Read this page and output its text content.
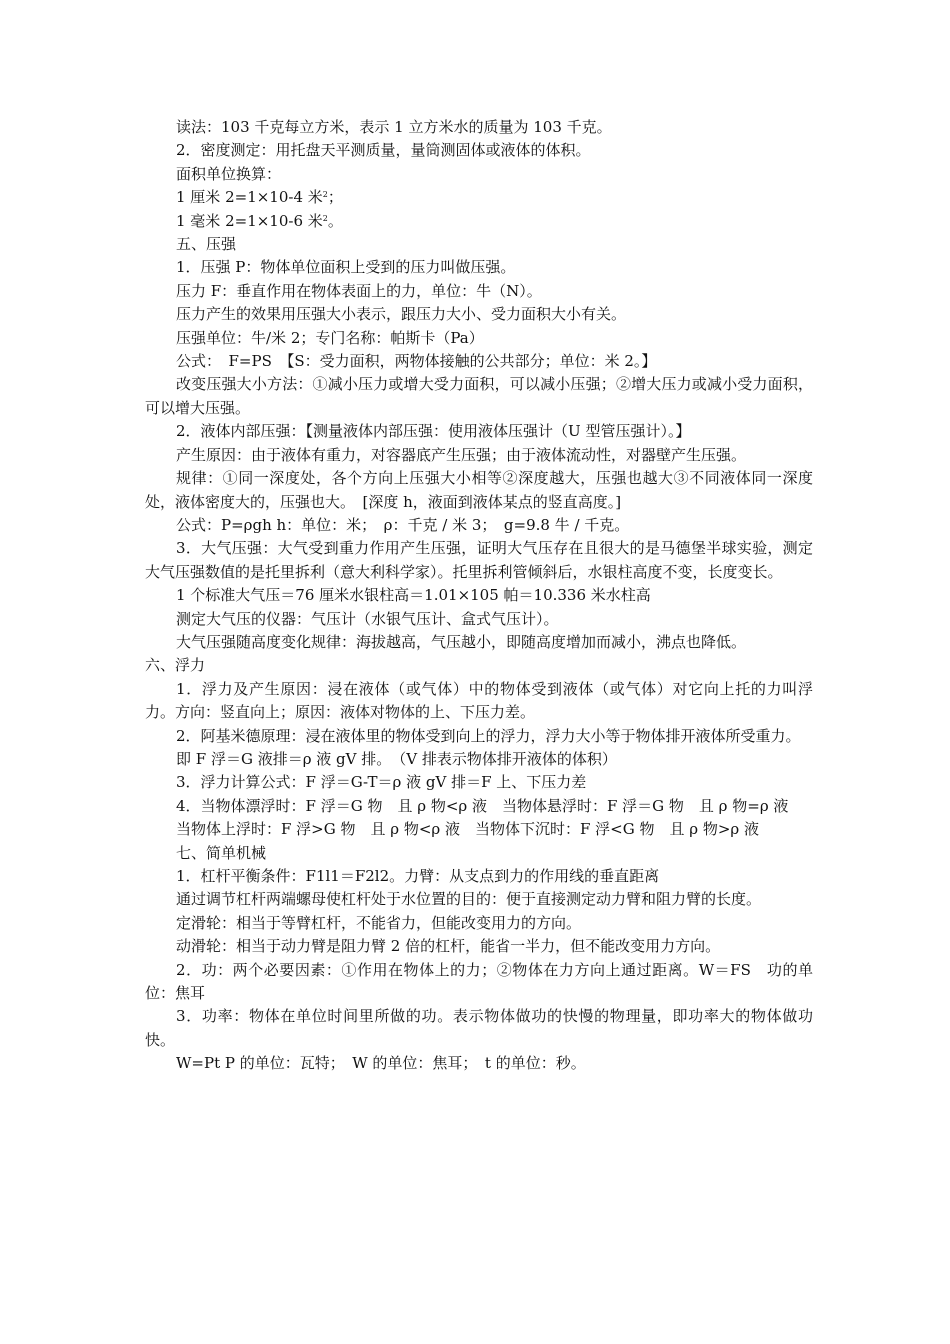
读法：103 千克每立方米，表示 1 立方米水的质量为 103 千克。

2．密度测定：用托盘天平测质量，量筒测固体或液体的体积。

面积单位换算：

1 厘米 2=1×10-4 米$^2$；

1 毫米 2=1×10-6 米$^2$。

五、压强

1．压强 P：物体单位面积上受到的压力叫做压强。

压力 F：垂直作用在物体表面上的力，单位：牛（N）。

压力产生的效果用压强大小表示，跟压力大小、受力面积大小有关。

压强单位：牛/米 2；专门名称：帕斯卡（Pa）

公式：　F=PS　【S：受力面积，两物体接触的公共部分；单位：米 2。】

改变压强大小方法：①减小压力或增大受力面积，可以减小压强；②增大压力或减小受力面积，可以增大压强。

2．液体内部压强：【测量液体内部压强：使用液体压强计（U 型管压强计）。】

产生原因：由于液体有重力，对容器底产生压强；由于液体流动性，对器壁产生压强。

规律：①同一深度处，各个方向上压强大小相等②深度越大，压强也越大③不同液体同一深度处，液体密度大的，压强也大。　[深度 h，液面到液体某点的竖直高度。]

公式：P=ρgh h：单位：米；　ρ：千克 / 米 3；　g=9.8 牛 / 千克。

3．大气压强：大气受到重力作用产生压强，证明大气压存在且很大的是马德堡半球实验，测定大气压强数值的是托里拆利（意大利科学家）。托里拆利管倾斜后，水银柱高度不变，长度变长。

1 个标准大气压＝76 厘米水银柱高＝1.01×105 帕＝10.336 米水柱高

测定大气压的仪器：气压计（水银气压计、盒式气压计）。

大气压强随高度变化规律：海拔越高，气压越小，即随高度增加而减小，沸点也降低。

六、浮力

1．浮力及产生原因：浸在液体（或气体）中的物体受到液体（或气体）对它向上托的力叫浮力。方向：竖直向上；原因：液体对物体的上、下压力差。

2．阿基米德原理：浸在液体里的物体受到向上的浮力，浮力大小等于物体排开液体所受重力。

即 F 浮＝G 液排＝ρ 液 gV 排。　（V 排表示物体排开液体的体积）

3．浮力计算公式：F 浮＝G-T＝ρ 液 gV 排＝F 上、下压力差

4．当物体漂浮时：F 浮＝G 物　且 ρ 物<ρ 液　当物体悬浮时：F 浮＝G 物　且 ρ 物=ρ 液

当物体上浮时：F 浮>G 物　且 ρ 物<ρ 液　当物体下沉时：F 浮<G 物　且 ρ 物>ρ 液

七、简单机械

1．杠杆平衡条件：F1l1＝F2l2。力臂：从支点到力的作用线的垂直距离

通过调节杠杆两端螺母使杠杆处于水位置的目的：便于直接测定动力臂和阻力臂的长度。

定滑轮：相当于等臂杠杆，不能省力，但能改变用力的方向。

动滑轮：相当于动力臂是阻力臂 2 倍的杠杆，能省一半力，但不能改变用力方向。

2．功：两个必要因素：①作用在物体上的力；②物体在力方向上通过距离。W＝FS　功的单位：焦耳

3．功率：物体在单位时间里所做的功。表示物体做功的快慢的物理量，即功率大的物体做功快。

W=Pt P 的单位：瓦特；　W 的单位：焦耳；　t 的单位：秒。
